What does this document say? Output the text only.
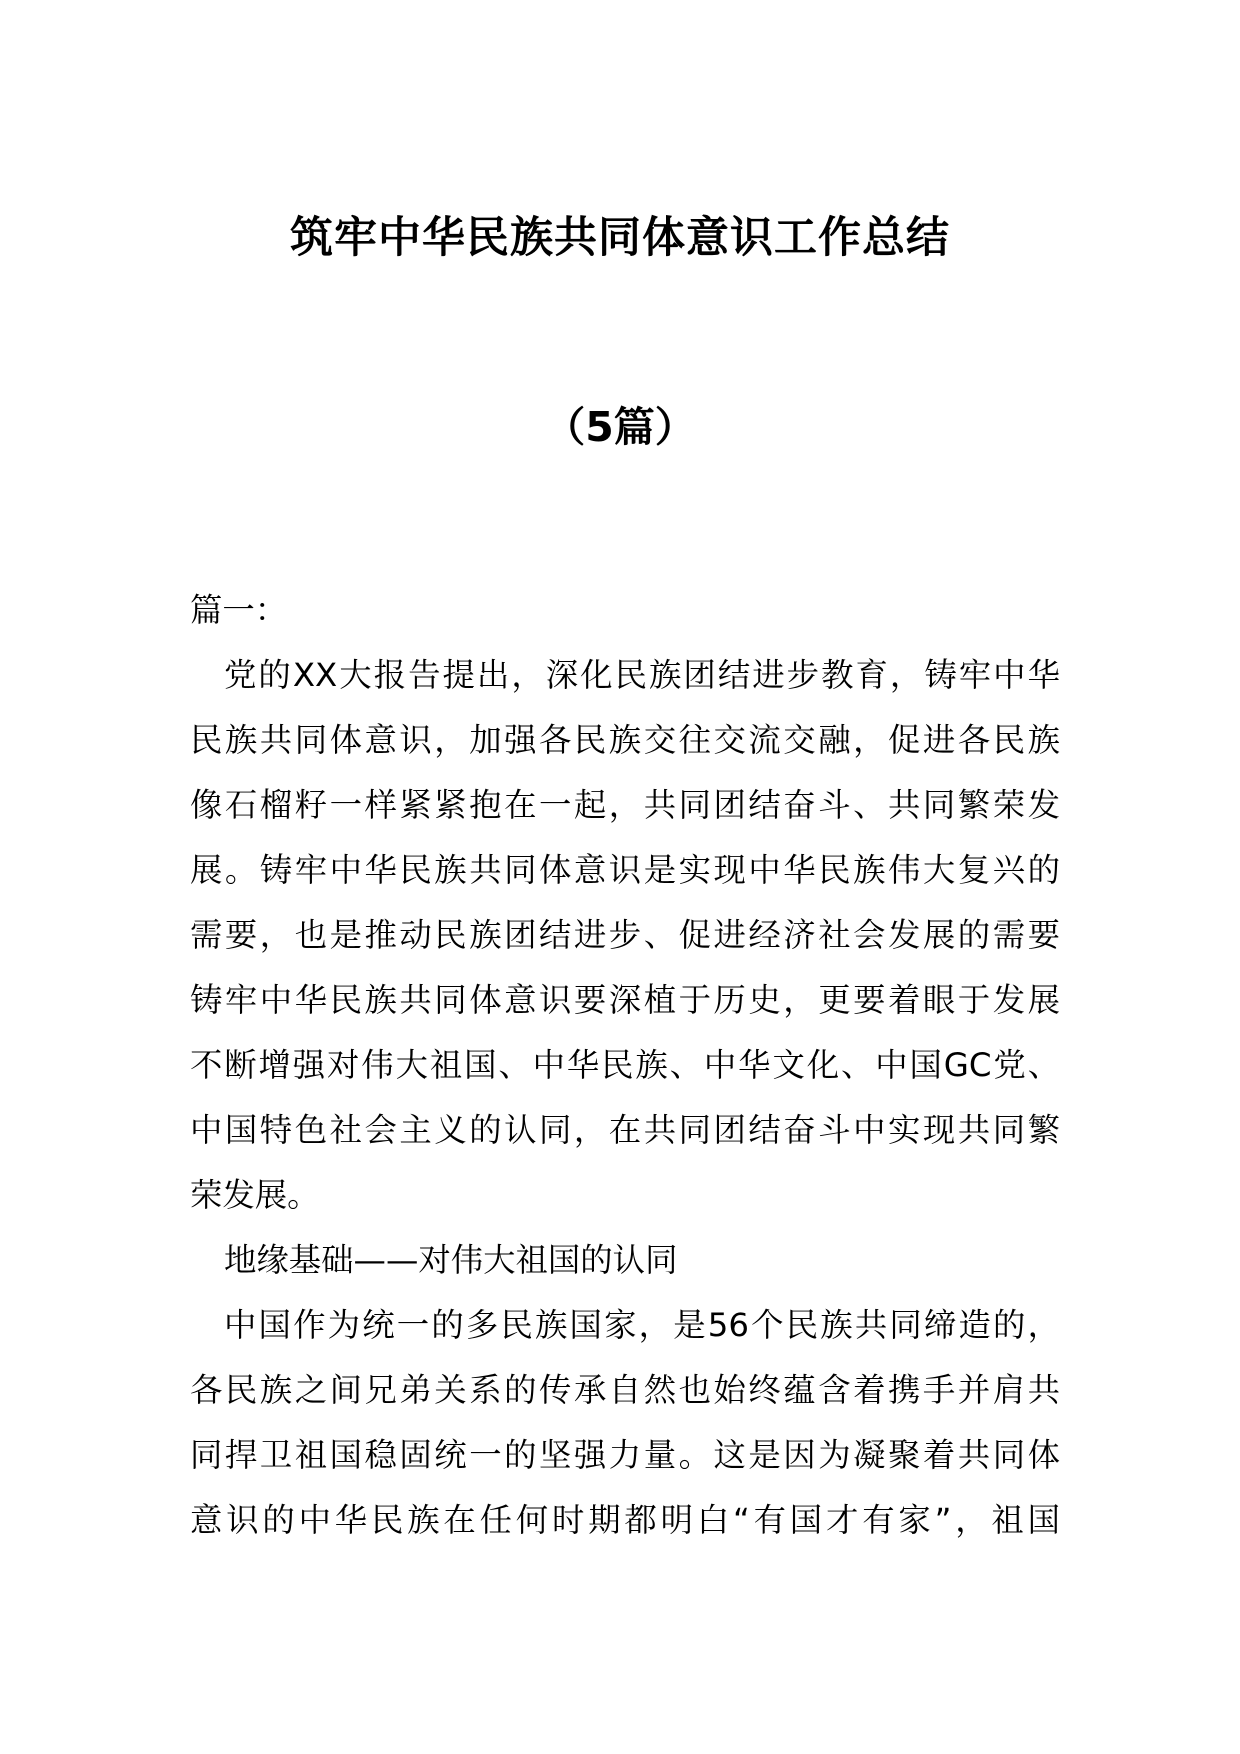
筑牢中华民族共同体意识工作总结
（5篇）
篇一：
党的XX大报告提出，深化民族团结进步教育，铸牢中华
民族共同体意识，加强各民族交往交流交融，促进各民族
像石榴籽一样紧紧抱在一起，共同团结奋斗、共同繁荣发
展。铸牢中华民族共同体意识是实现中华民族伟大复兴的
需要，也是推动民族团结进步、促进经济社会发展的需要
铸牢中华民族共同体意识要深植于历史，更要着眼于发展
不断增强对伟大祖国、中华民族、中华文化、中国GC党、
中国特色社会主义的认同，在共同团结奋斗中实现共同繁
荣发展。
地缘基础——对伟大祖国的认同
中国作为统一的多民族国家，是56个民族共同缔造的，
各民族之间兄弟关系的传承自然也始终蕴含着携手并肩共
同捍卫祖国稳固统一的坚强力量。这是因为凝聚着共同体
意识的中华民族在任何时期都明白“有国才有家”，祖国
